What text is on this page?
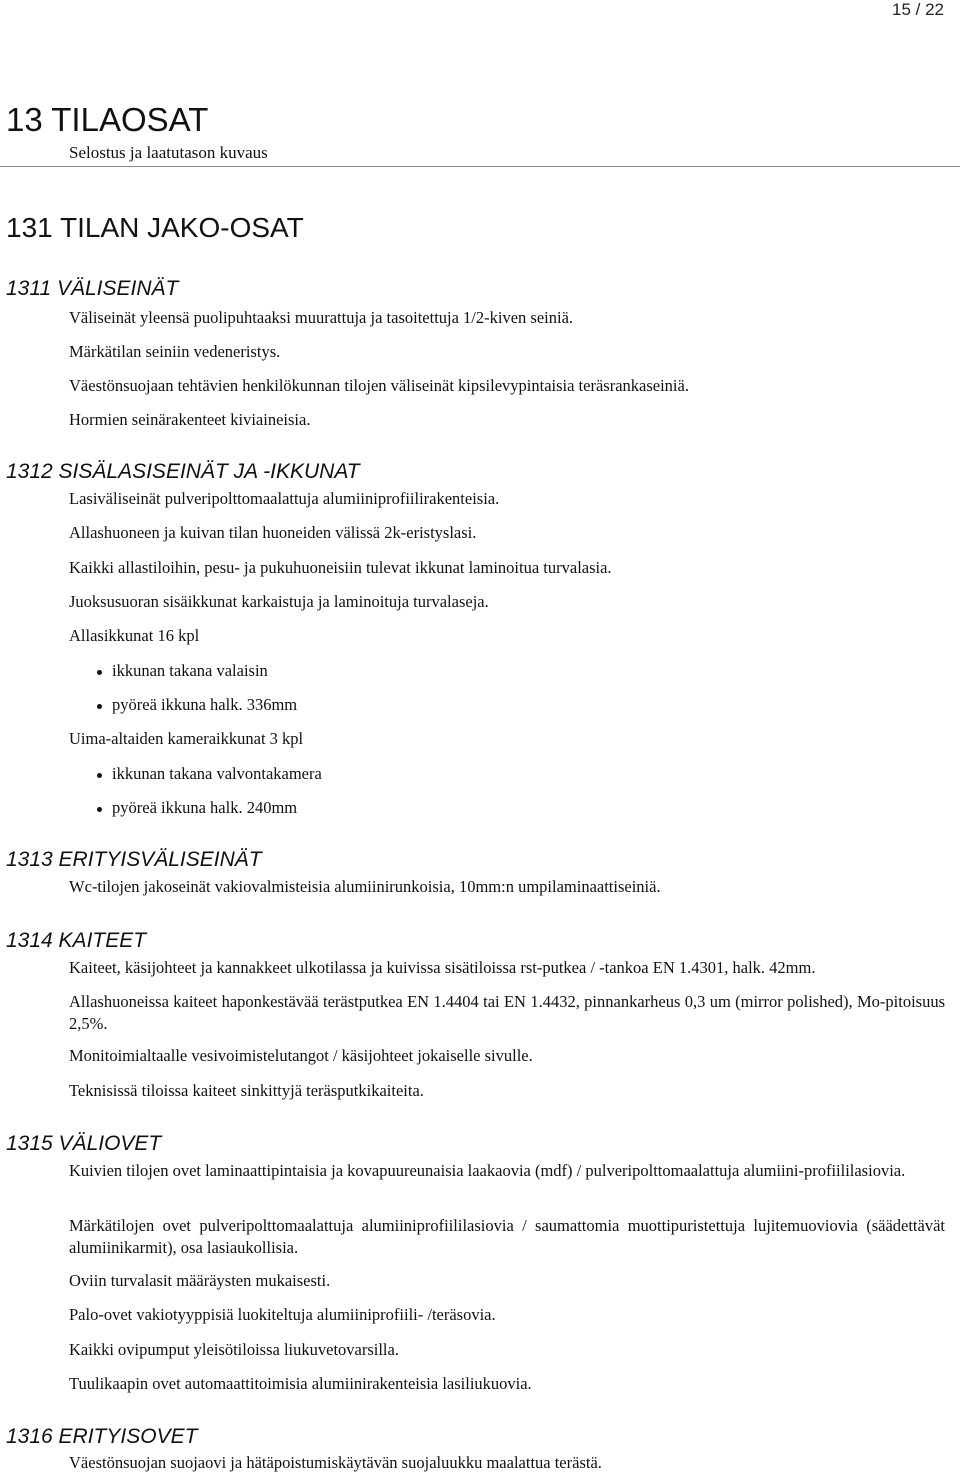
15 / 22
13 TILAOSAT
Selostus ja laatutason kuvaus
131 TILAN JAKO-OSAT
1311 VÄLISEINÄT
Väliseinät yleensä puolipuhtaaksi muurattuja ja tasoitettuja 1/2-kiven seiniä.
Märkätilan seiniin vedeneristys.
Väestönsuojaan tehtävien henkilökunnan tilojen väliseinät kipsilevypintaisia teräsrankaseiniä.
Hormien seinärakenteet kiviaineisia.
1312 SISÄLASISEINÄT JA -IKKUNAT
Lasiväliseinät pulveripolttomaalattuja alumiiniprofiilirakenteisia.
Allashuoneen ja kuivan tilan huoneiden välissä 2k-eristyslasi.
Kaikki allastiloihin, pesu- ja pukuhuoneisiin tulevat ikkunat laminoitua turvalasia.
Juoksusuoran sisäikkunat karkaistuja ja laminoituja turvalaseja.
Allasikkunat 16 kpl
ikkunan takana valaisin
pyöreä ikkuna halk. 336mm
Uima-altaiden kameraikkunat 3 kpl
ikkunan takana valvontakamera
pyöreä ikkuna halk. 240mm
1313 ERITYISVÄLISEINÄT
Wc-tilojen jakoseinät vakiovalmisteisia alumiinirunkoisia, 10mm:n umpilaminaattiseiniä.
1314 KAITEET
Kaiteet, käsijohteet ja kannakkeet ulkotilassa ja kuivissa sisätiloissa rst-putkea / -tankoa EN 1.4301, halk. 42mm.
Allashuoneissa kaiteet haponkestävää terästputkea EN 1.4404 tai EN 1.4432, pinnankarheus 0,3 um (mirror polished), Mo-pitoisuus 2,5%.
Monitoimialtaalle vesivoimistelutangot / käsijohteet jokaiselle sivulle.
Teknisissä tiloissa kaiteet sinkittyjä teräsputkikaiteita.
1315 VÄLIOVET
Kuivien tilojen ovet laminaattipintaisia ja kovapuureunaisia laakaovia (mdf) / pulveripolttomaalattuja alumiini-profiililasiovia.
Märkätilojen ovet pulveripolttomaalattuja alumiiniprofiililasiovia / saumattomia muottipuristettuja lujitemuoviovia (säädettävät alumiinikarmit), osa lasiaukollisia.
Oviin turvalasit määräysten mukaisesti.
Palo-ovet vakiotyyppisiä luokiteltuja alumiiniprofiili- /teräsovia.
Kaikki ovipumput yleisötiloissa liukuvetovarsilla.
Tuulikaapin ovet automaattitoimisia alumiinirakenteisia lasiliukuovia.
1316 ERITYISOVET
Väestönsuojan suojaovi ja hätäpoistumiskäytävän suojaluukku maalattua terästä.
